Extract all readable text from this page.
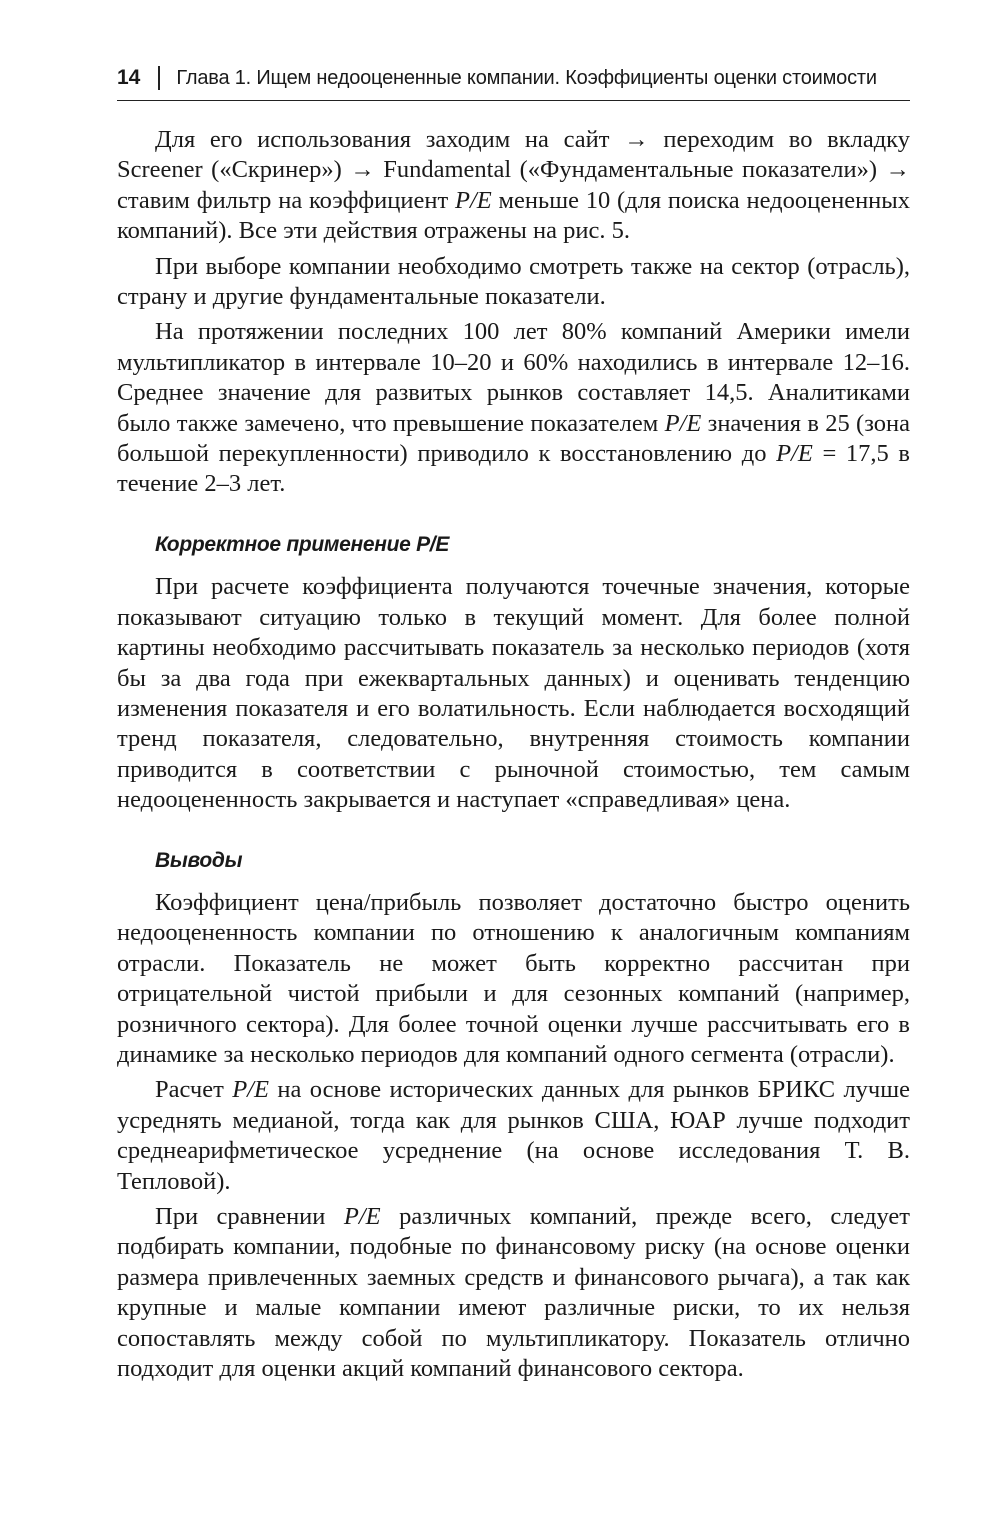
14 Глава 1. Ищем недооцененные компании. Коэффициенты оценки стоимости

Для его использования заходим на сайт → переходим во вкладку Screener («Скринер») → Fundamental («Фундаментальные показатели») → ставим фильтр на коэффициент P/E меньше 10 (для поиска недооцененных компаний). Все эти действия отражены на рис. 5.

При выборе компании необходимо смотреть также на сектор (отрасль), страну и другие фундаментальные показатели.

На протяжении последних 100 лет 80% компаний Америки имели мультипликатор в интервале 10–20 и 60% находились в интервале 12–16. Среднее значение для развитых рынков составляет 14,5. Аналитиками было также замечено, что превышение показателем P/E значения в 25 (зона большой перекупленности) приводило к восстановлению до P/E = 17,5 в течение 2–3 лет.

Корректное применение P/E

При расчете коэффициента получаются точечные значения, которые показывают ситуацию только в текущий момент. Для более полной картины необходимо рассчитывать показатель за несколько периодов (хотя бы за два года при ежеквартальных данных) и оценивать тенденцию изменения показателя и его волатильность. Если наблюдается восходящий тренд показателя, следовательно, внутренняя стоимость компании приводится в соответствии с рыночной стоимостью, тем самым недооцененность закрывается и наступает «справедливая» цена.

Выводы

Коэффициент цена/прибыль позволяет достаточно быстро оценить недооцененность компании по отношению к аналогичным компаниям отрасли. Показатель не может быть корректно рассчитан при отрицательной чистой прибыли и для сезонных компаний (например, розничного сектора). Для более точной оценки лучше рассчитывать его в динамике за несколько периодов для компаний одного сегмента (отрасли).

Расчет P/E на основе исторических данных для рынков БРИКС лучше усреднять медианой, тогда как для рынков США, ЮАР лучше подходит среднеарифметическое усреднение (на основе исследования Т. В. Тепловой).

При сравнении P/E различных компаний, прежде всего, следует подбирать компании, подобные по финансовому риску (на основе оценки размера привлеченных заемных средств и финансового рычага), а так как крупные и малые компании имеют различные риски, то их нельзя сопоставлять между собой по мультипликатору. Показатель отлично подходит для оценки акций компаний финансового сектора.
